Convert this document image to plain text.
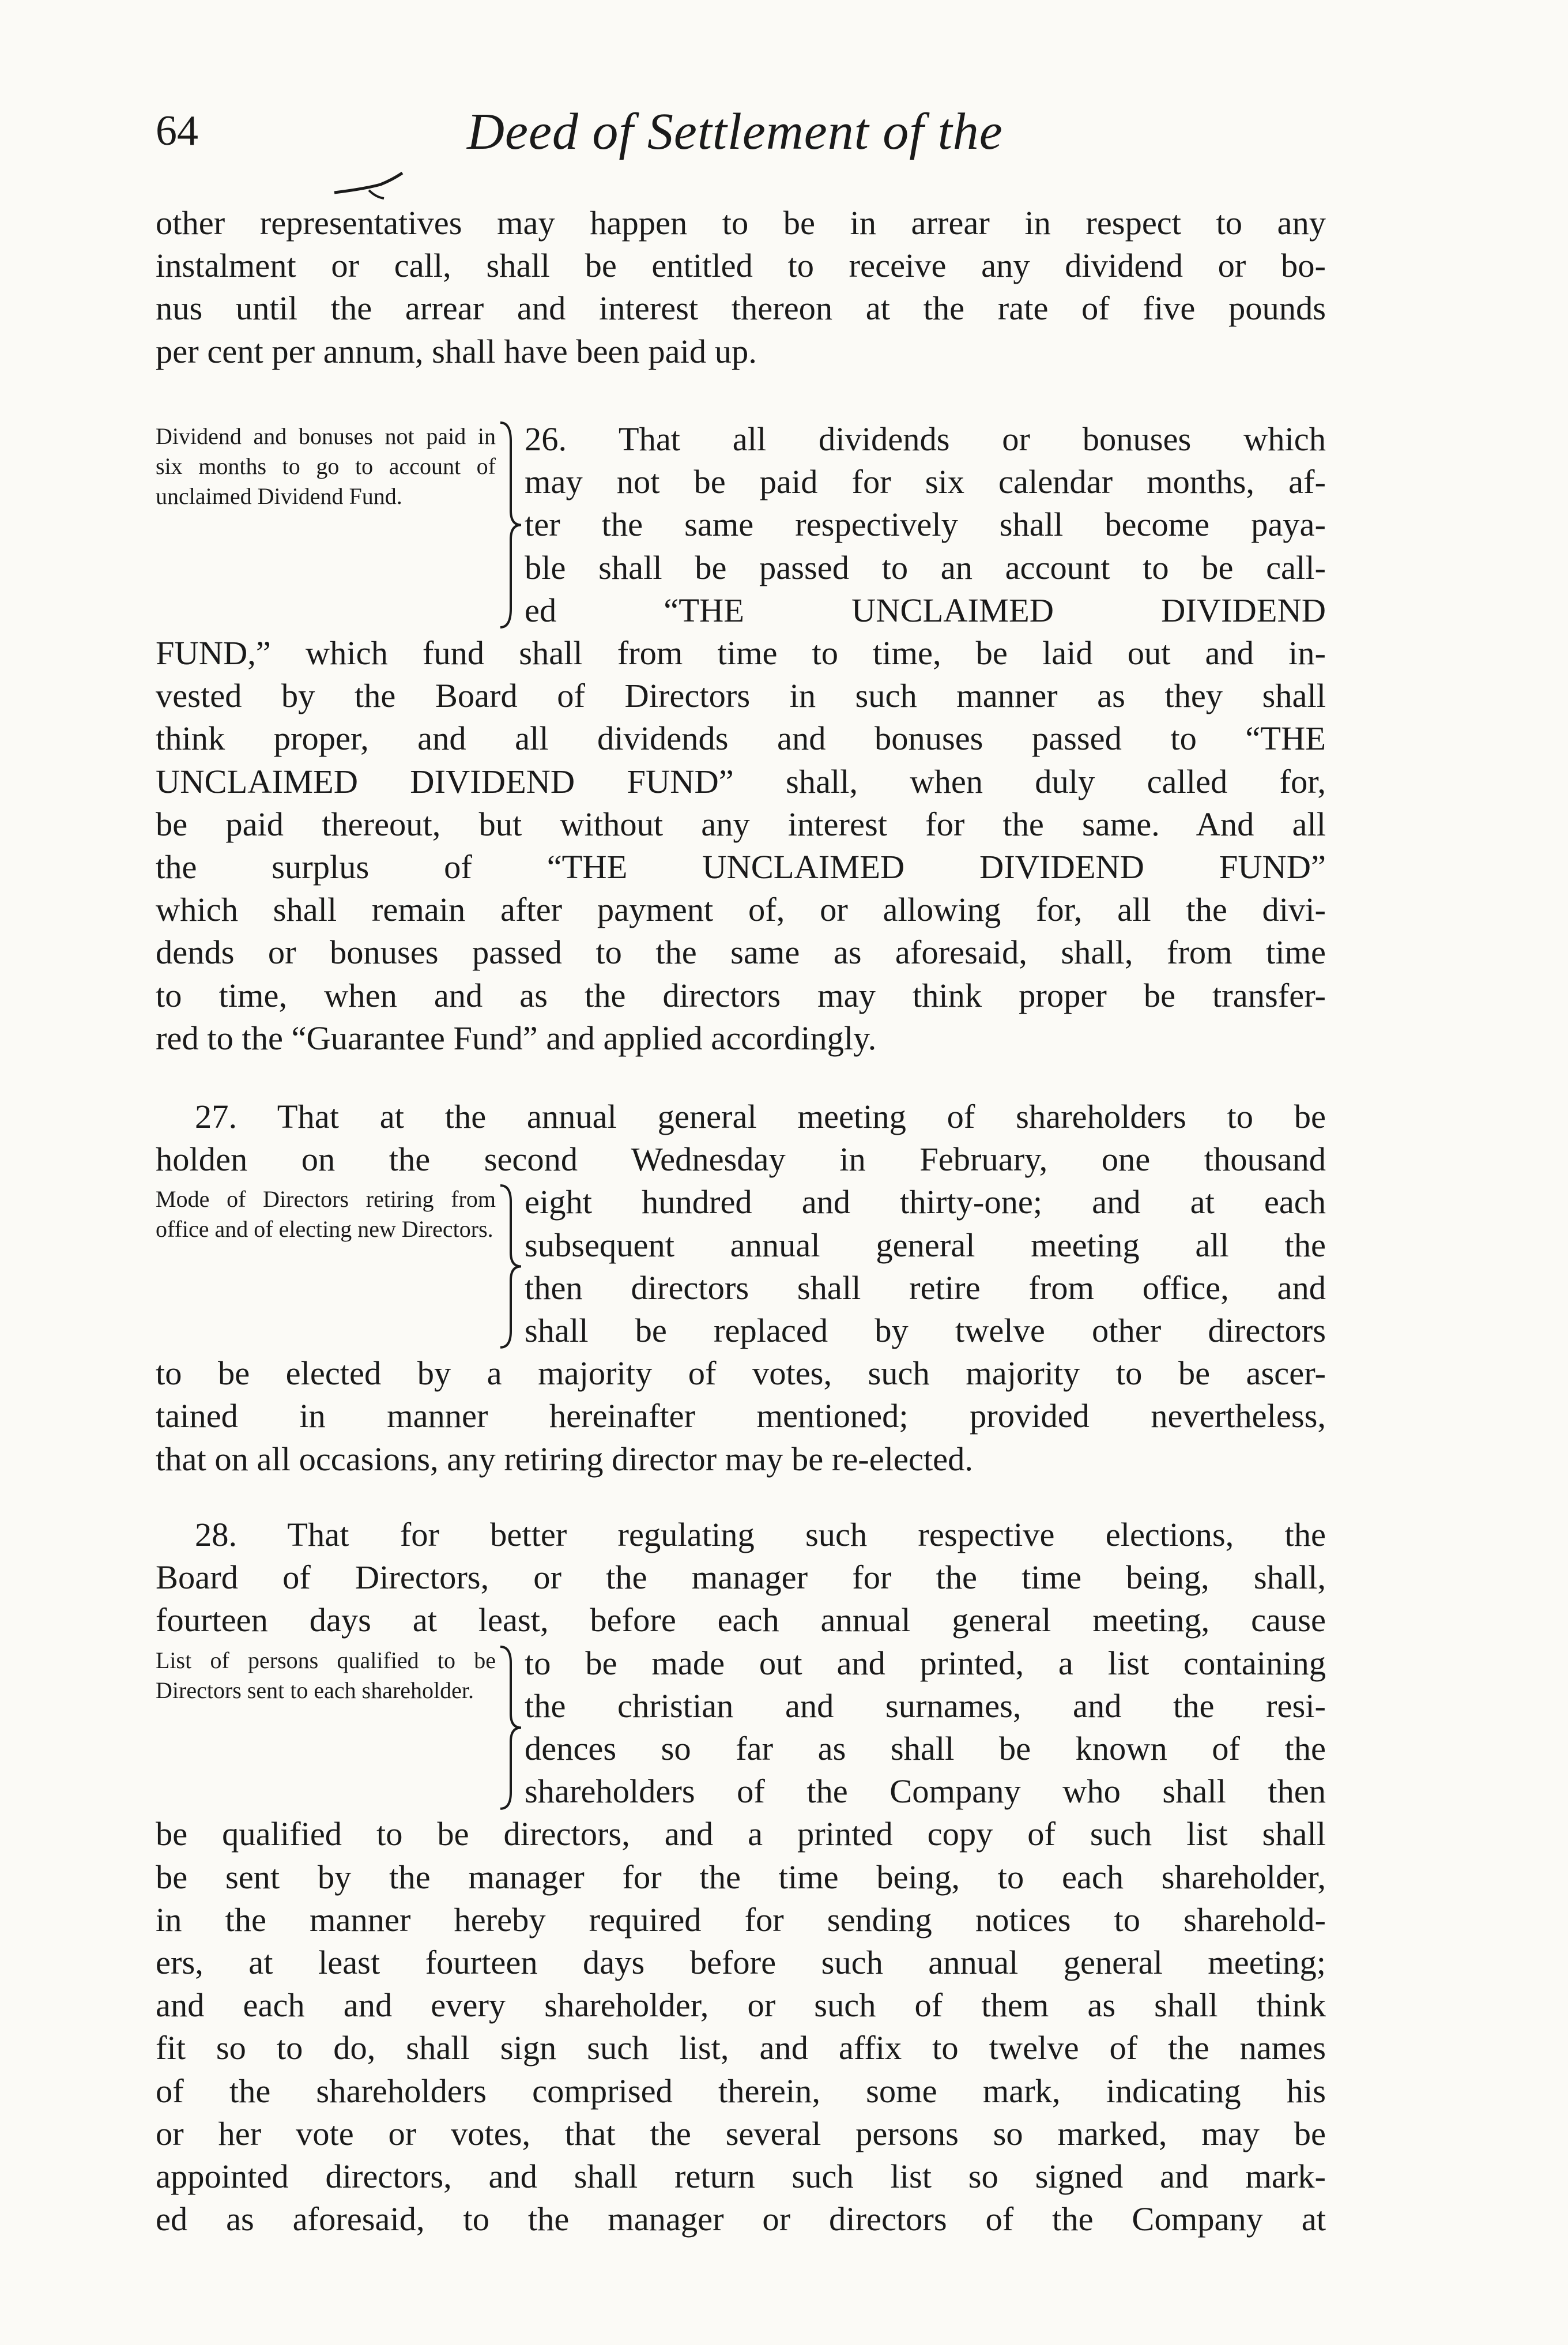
64	Deed of Settlement of the
other representatives may happen to be in arrear in respect to any
instalment or call, shall be entitled to receive any dividend or bo-
nus until the arrear and interest thereon at the rate of five pounds
per cent per annum, shall have been paid up.
Dividend and bonuses not paid in six months to go to account of unclaimed Dividend Fund.
26. That all dividends or bonuses which
may not be paid for six calendar months, af-
ter the same respectively shall become paya-
ble shall be passed to an account to be call-
ed “THE UNCLAIMED DIVIDEND
FUND,” which fund shall from time to time, be laid out and in-
vested by the Board of Directors in such manner as they shall
think proper, and all dividends and bonuses passed to “THE
UNCLAIMED DIVIDEND FUND” shall, when duly called for,
be paid thereout, but without any interest for the same. And all
the surplus of “THE UNCLAIMED DIVIDEND FUND”
which shall remain after payment of, or allowing for, all the divi-
dends or bonuses passed to the same as aforesaid, shall, from time
to time, when and as the directors may think proper be transfer-
red to the “Guarantee Fund” and applied accordingly.
27. That at the annual general meeting of shareholders to be
holden on the second Wednesday in February, one thousand
Mode of Directors retiring from office and of electing new Directors.
eight hundred and thirty-one; and at each
subsequent annual general meeting all the
then directors shall retire from office, and
shall be replaced by twelve other directors
to be elected by a majority of votes, such majority to be ascer-
tained in manner hereinafter mentioned; provided nevertheless,
that on all occasions, any retiring director may be re-elected.
28. That for better regulating such respective elections, the
Board of Directors, or the manager for the time being, shall,
fourteen days at least, before each annual general meeting, cause
List of persons qualified to be Directors sent to each shareholder.
to be made out and printed, a list containing
the christian and surnames, and the resi-
dences so far as shall be known of the
shareholders of the Company who shall then
be qualified to be directors, and a printed copy of such list shall
be sent by the manager for the time being, to each shareholder,
in the manner hereby required for sending notices to sharehold-
ers, at least fourteen days before such annual general meeting;
and each and every shareholder, or such of them as shall think
fit so to do, shall sign such list, and affix to twelve of the names
of the shareholders comprised therein, some mark, indicating his
or her vote or votes, that the several persons so marked, may be
appointed directors, and shall return such list so signed and mark-
ed as aforesaid, to the manager or directors of the Company at
